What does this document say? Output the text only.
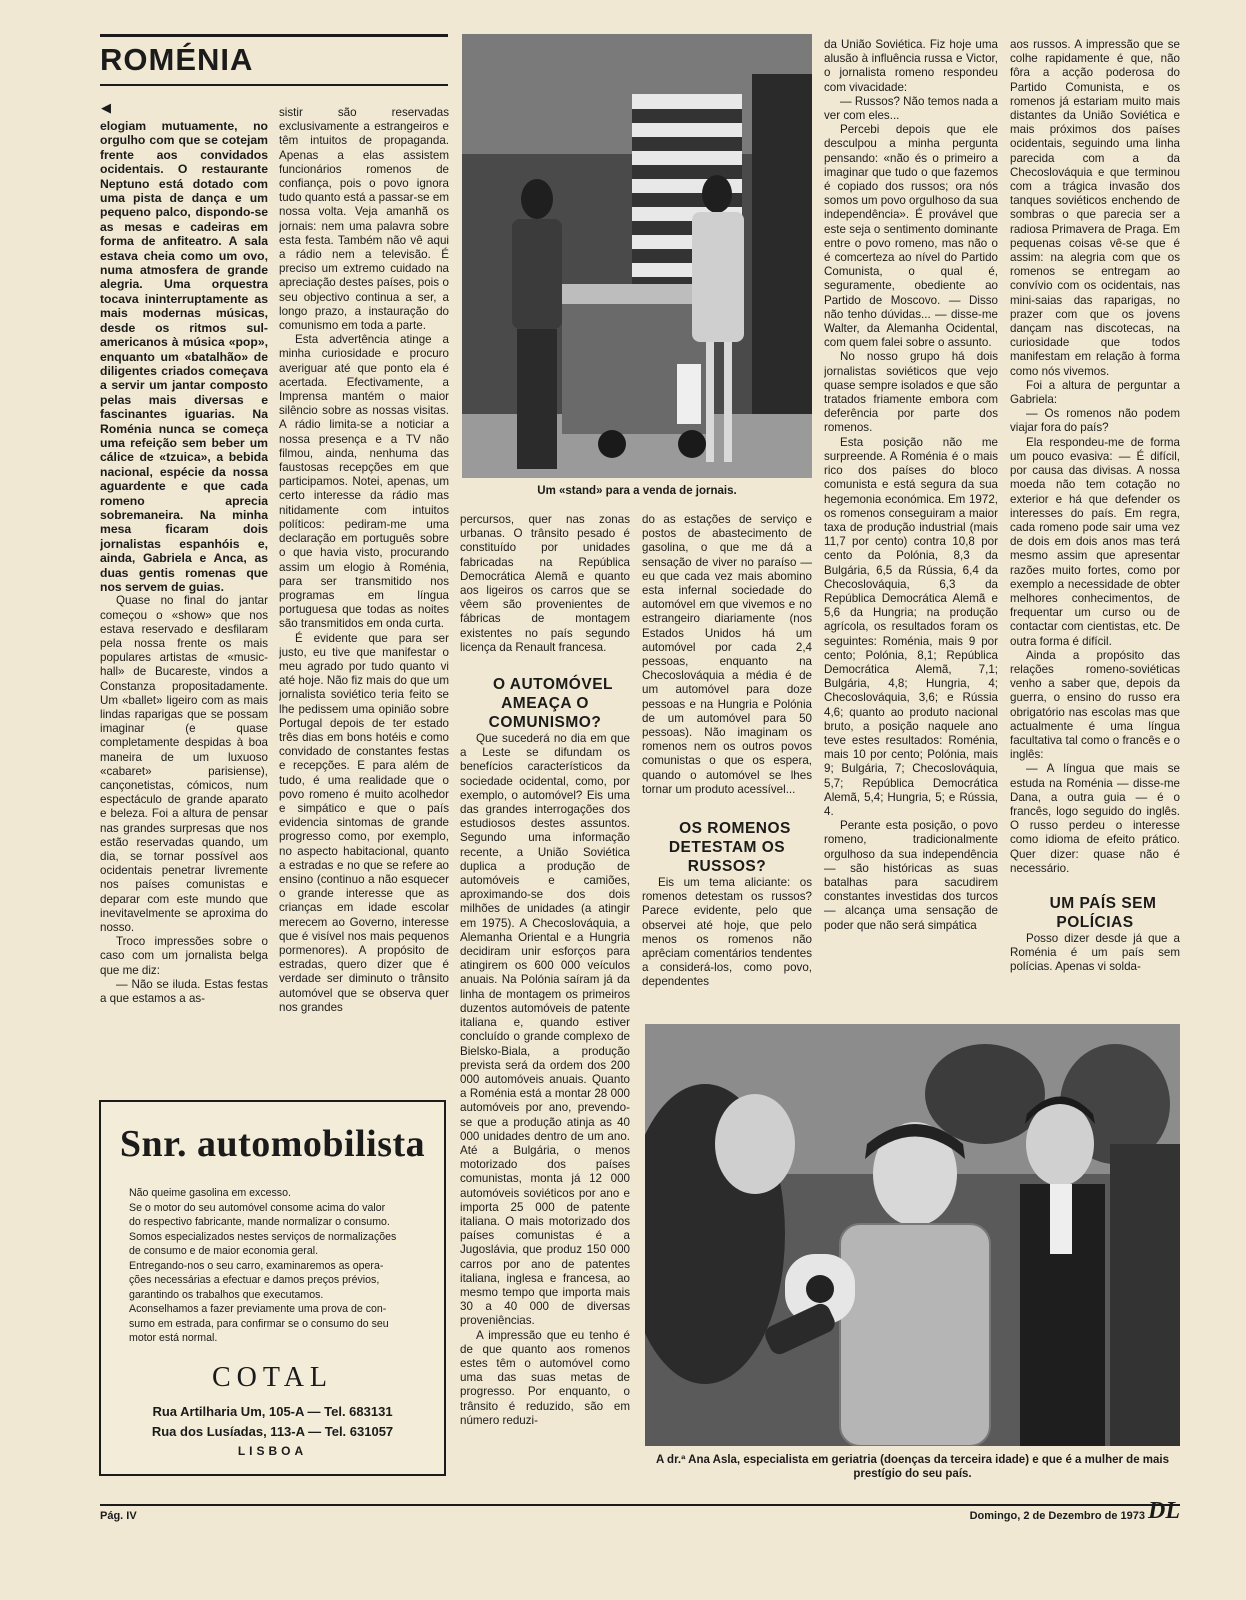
ROMÉNIA
◀

elogiam mutuamente, no orgulho com que se cotejam frente aos convidados ocidentais. O restaurante Neptuno está dotado com uma pista de dança e um pequeno palco, dispondo-se as mesas e cadeiras em forma de anfiteatro. A sala estava cheia como um ovo, numa atmosfera de grande alegria. Uma orquestra tocava ininterruptamente as mais modernas músicas, desde os ritmos sul-americanos à música «pop», enquanto um «batalhão» de diligentes criados começava a servir um jantar composto pelas mais diversas e fascinantes iguarias. Na Roménia nunca se começa uma refeição sem beber um cálice de «tzuica», a bebida nacional, espécie da nossa aguardente e que cada romeno aprecia sobremaneira. Na minha mesa ficaram dois jornalistas espanhóis e, ainda, Gabriela e Anca, as duas gentis romenas que nos servem de guias.

Quase no final do jantar começou o «show» que nos estava reservado e desfilaram pela nossa frente os mais populares artistas de «music-hall» de Bucareste, vindos a Constanza propositadamente. Um «ballet» ligeiro com as mais lindas raparigas que se possam imaginar (e quase completamente despidas à boa maneira de um luxuoso «cabaret» parisiense), cançonetistas, cómicos, num espectáculo de grande aparato e beleza. Foi a altura de pensar nas grandes surpresas que nos estão reservadas quando, um dia, se tornar possível aos ocidentais penetrar livremente nos países comunistas e deparar com este mundo que inevitavelmente se aproxima do nosso.

Troco impressões sobre o caso com um jornalista belga que me diz:

— Não se iluda. Estas festas a que estamos a as-

sistir são reservadas exclusivamente a estrangeiros e têm intuitos de propaganda. Apenas a elas assistem funcionários romenos de confiança, pois o povo ignora tudo quanto está a passar-se em nossa volta. Veja amanhã os jornais: nem uma palavra sobre esta festa. Também não vê aqui a rádio nem a televisão. É preciso um extremo cuidado na apreciação destes países, pois o seu objectivo continua a ser, a longo prazo, a instauração do comunismo em toda a parte.

Esta advertência atinge a minha curiosidade e procuro averiguar até que ponto ela é acertada. Efectivamente, a Imprensa mantém o maior silêncio sobre as nossas visitas. A rádio limita-se a noticiar a nossa presença e a TV não filmou, ainda, nenhuma das faustosas recepções em que participamos. Notei, apenas, um certo interesse da rádio mas nitidamente com intuitos políticos: pediram-me uma declaração em português sobre o que havia visto, procurando assim um elogio à Roménia, para ser transmitido nos programas em língua portuguesa que todas as noites são transmitidos em onda curta.

É evidente que para ser justo, eu tive que manifestar o meu agrado por tudo quanto vi até hoje. Não fiz mais do que um jornalista soviético teria feito se lhe pedissem uma opinião sobre Portugal depois de ter estado três dias em bons hotéis e como convidado de constantes festas e recepções. E para além de tudo, é uma realidade que o povo romeno é muito acolhedor e simpático e que o país evidencia sintomas de grande progresso como, por exemplo, no aspecto habitacional, quanto a estradas e no que se refere ao ensino (continuo a não esquecer o grande interesse que as crianças em idade escolar merecem ao Governo, interesse que é visível nos mais pequenos pormenores). A propósito de estradas, quero dizer que é verdade ser diminuto o trânsito automóvel que se observa quer nos grandes

Um «stand» para a venda de jornais.

percursos, quer nas zonas urbanas. O trânsito pesado é constituído por unidades fabricadas na República Democrática Alemã e quanto aos ligeiros os carros que se vêem são provenientes de fábricas de montagem existentes no país segundo licença da Renault francesa.

O AUTOMÓVEL AMEAÇA O COMUNISMO?

Que sucederá no dia em que a Leste se difundam os benefícios característicos da sociedade ocidental, como, por exemplo, o automóvel? Eis uma das grandes interrogações dos estudiosos destes assuntos. Segundo uma informação recente, a União Soviética duplica a produção de automóveis e camiões, aproximando-se dos dois milhões de unidades (a atingir em 1975). A Checoslováquia, a Alemanha Oriental e a Hungria decidiram unir esforços para atingirem os 600 000 veículos anuais. Na Polónia saíram já da linha de montagem os primeiros duzentos automóveis de patente italiana e, quando estiver concluído o grande complexo de Bielsko-Biala, a produção prevista será da ordem dos 200 000 automóveis anuais. Quanto a Roménia está a montar 28 000 automóveis por ano, prevendo-se que a produção atinja as 40 000 unidades dentro de um ano. Até a Bulgária, o menos motorizado dos países comunistas, monta já 12 000 automóveis soviéticos por ano e importa 25 000 de patente italiana. O mais motorizado dos países comunistas é a Jugoslávia, que produz 150 000 carros por ano de patentes italiana, inglesa e francesa, ao mesmo tempo que importa mais 30 a 40 000 de diversas proveniências.

A impressão que eu tenho é de que quanto aos romenos estes têm o automóvel como uma das suas metas de progresso. Por enquanto, o trânsito é reduzido, são em número reduzi-

do as estações de serviço e postos de abastecimento de gasolina, o que me dá a sensação de viver no paraíso — eu que cada vez mais abomino esta infernal sociedade do automóvel em que vivemos e no estrangeiro diariamente (nos Estados Unidos há um automóvel por cada 2,4 pessoas, enquanto na Checoslováquia a média é de um automóvel para doze pessoas e na Hungria e Polónia de um automóvel para 50 pessoas). Não imaginam os romenos nem os outros povos comunistas o que os espera, quando o automóvel se lhes tornar um produto acessível...

OS ROMENOS DETESTAM OS RUSSOS?

Eis um tema aliciante: os romenos detestam os russos? Parece evidente, pelo que observei até hoje, que pelo menos os romenos não aprêciam comentários tendentes a considerá-los, como povo, dependentes

da União Soviética. Fiz hoje uma alusão à influência russa e Victor, o jornalista romeno respondeu com vivacidade:

— Russos? Não temos nada a ver com eles...

Percebi depois que ele desculpou a minha pergunta pensando: «não és o primeiro a imaginar que tudo o que fazemos é copiado dos russos; ora nós somos um povo orgulhoso da sua independência». É provável que este seja o sentimento dominante entre o povo romeno, mas não o é comcerteza ao nível do Partido Comunista, o qual é, seguramente, obediente ao Partido de Moscovo. — Disso não tenho dúvidas... — disse-me Walter, da Alemanha Ocidental, com quem falei sobre o assunto.

No nosso grupo há dois jornalistas soviéticos que vejo quase sempre isolados e que são tratados friamente embora com deferência por parte dos romenos.

Esta posição não me surpreende. A Roménia é o mais rico dos países do bloco comunista e está segura da sua hegemonia económica. Em 1972, os romenos conseguiram a maior taxa de produção industrial (mais 11,7 por cento) contra 10,8 por cento da Polónia, 8,3 da Bulgária, 6,5 da Rússia, 6,4 da Checoslováquia, 6,3 da República Democrática Alemã e 5,6 da Hungria; na produção agrícola, os resultados foram os seguintes: Roménia, mais 9 por cento; Polónia, 8,1; República Democrática Alemã, 7,1; Bulgária, 4,8; Hungria, 4; Checoslováquia, 3,6; e Rússia 4,6; quanto ao produto nacional bruto, a posição naquele ano teve estes resultados: Roménia, mais 10 por cento; Polónia, mais 9; Bulgária, 7; Checoslováquia, 5,7; República Democrática Alemã, 5,4; Hungria, 5; e Rússia, 4.

Perante esta posição, o povo romeno, tradicionalmente orgulhoso da sua independência — são históricas as suas batalhas para sacudirem constantes investidas dos turcos — alcança uma sensação de poder que não será simpática

aos russos. A impressão que se colhe rapidamente é que, não fôra a acção poderosa do Partido Comunista, e os romenos já estariam muito mais distantes da União Soviética e mais próximos dos países ocidentais, seguindo uma linha parecida com a da Checoslováquia e que terminou com a trágica invasão dos tanques soviéticos enchendo de sombras o que parecia ser a radiosa Primavera de Praga. Em pequenas coisas vê-se que é assim: na alegria com que os romenos se entregam ao convívio com os ocidentais, nas mini-saias das raparigas, no prazer com que os jovens dançam nas discotecas, na curiosidade que todos manifestam em relação à forma como nós vivemos.

Foi a altura de perguntar a Gabriela:

— Os romenos não podem viajar fora do país?

Ela respondeu-me de forma um pouco evasiva: — É difícil, por causa das divisas. A nossa moeda não tem cotação no exterior e há que defender os interesses do país. Em regra, cada romeno pode sair uma vez de dois em dois anos mas terá mesmo assim que apresentar razões muito fortes, como por exemplo a necessidade de obter melhores conhecimentos, de frequentar um curso ou de contactar com cientistas, etc. De outra forma é difícil.

Ainda a propósito das relações romeno-soviéticas venho a saber que, depois da guerra, o ensino do russo era obrigatório nas escolas mas que actualmente é uma língua facultativa tal como o francês e o inglês:

— A língua que mais se estuda na Roménia — disse-me Dana, a outra guia — é o francês, logo seguido do inglês. O russo perdeu o interesse como idioma de efeito prático. Quer dizer: quase não é necessário.

UM PAÍS SEM POLÍCIAS

Posso dizer desde já que a Roménia é um país sem polícias. Apenas vi solda-

A dr.ª Ana Asla, especialista em geriatria (doenças da terceira idade) e que é a mulher de mais prestígio do seu país.
Snr. automobilista
Não queime gasolina em excesso.
Se o motor do seu automóvel consome acima do valor
do respectivo fabricante, mande normalizar o consumo.
Somos especializados nestes serviços de normalizações
de consumo e de maior economia geral.
Entregando-nos o seu carro, examinaremos as opera-
ções necessárias a efectuar e damos preços prévios,
garantindo os trabalhos que executamos.
Aconselhamos a fazer previamente uma prova de con-
sumo em estrada, para confirmar se o consumo do seu
motor está normal.
COTAL
Rua Artilharia Um, 105-A — Tel. 683131
Rua dos Lusíadas, 113-A — Tel. 631057
LISBOA
Pág. IV	Domingo, 2 de Dezembro de 1973 DL
